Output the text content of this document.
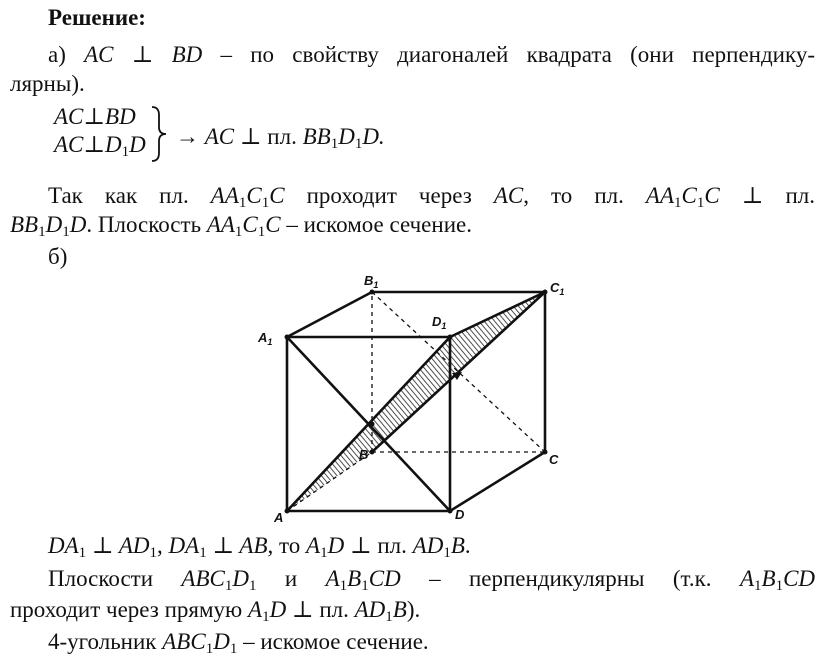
Решение:
а) AC ⊥ BD – по свойству диагоналей квадрата (они перпендику-
лярны).
AC⊥BD
$AC\perp D_1D$ → AC ⊥ пл. $BB_1D_1D$.
Так как пл. $AA_1C_1C$ проходит через AC, то пл. $AA_1C_1C$ ⊥ пл.
$BB_1D_1D$. Плоскость $AA_1C_1C$ – искомое сечение.
б)
A	D
$A_1$
$D_1$
$B_1$	$C_1$
B	C
$DA_1$ ⊥ $AD_1$, $DA_1$ ⊥ AB, то $A_1D$ ⊥ пл. $AD_1B$.
Плоскости $ABC_1D_1$ и $A_1B_1CD$ – перпендикулярны (т.к. $A_1B_1CD$
проходит через прямую $A_1D$ ⊥ пл. $AD_1B$).
4-угольник $ABC_1D_1$ – искомое сечение.
